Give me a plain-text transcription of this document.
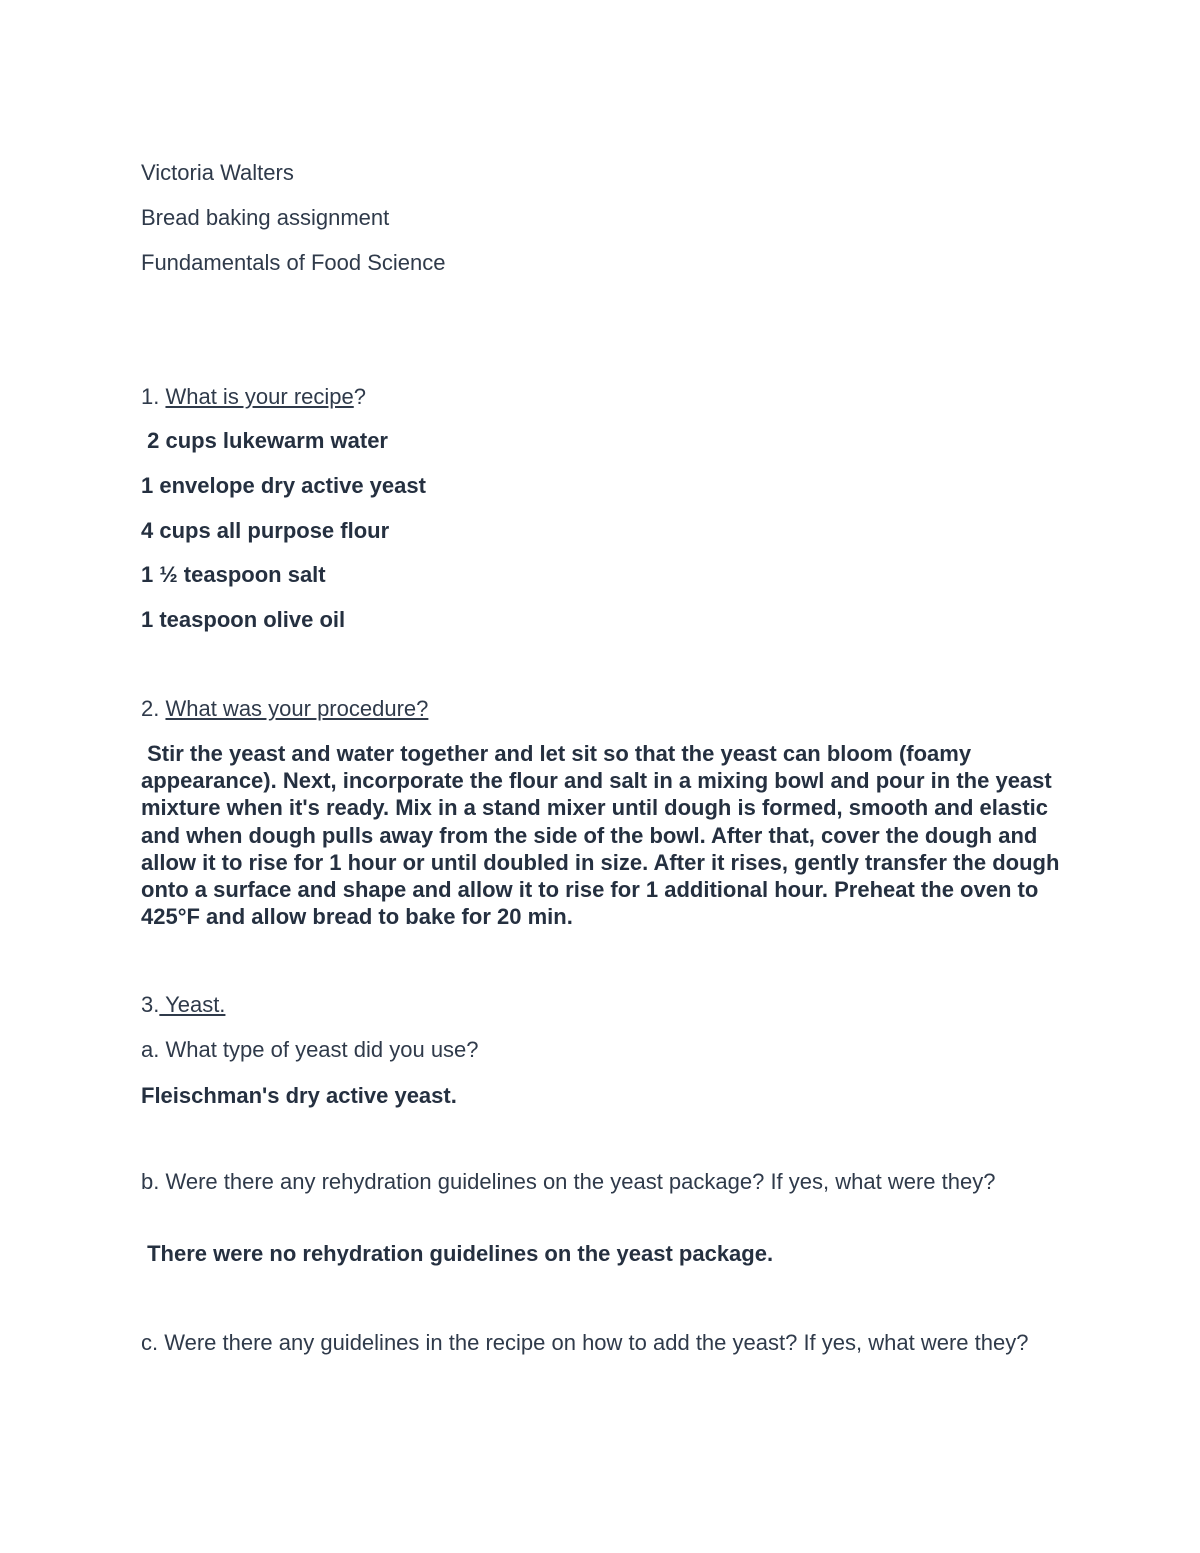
Victoria Walters
Bread baking assignment
Fundamentals of Food Science
1. What is your recipe?
2 cups lukewarm water
1 envelope dry active yeast
4 cups all purpose flour
1 ½ teaspoon salt
1 teaspoon olive oil
2. What was your procedure?
Stir the yeast and water together and let sit so that the yeast can bloom (foamy appearance). Next, incorporate the flour and salt in a mixing bowl and pour in the yeast mixture when it's ready. Mix in a stand mixer until dough is formed, smooth and elastic and when dough pulls away from the side of the bowl. After that, cover the dough and allow it to rise for 1 hour or until doubled in size. After it rises, gently transfer the dough onto a surface and shape and allow it to rise for 1 additional hour. Preheat the oven to 425°F and allow bread to bake for 20 min.
3. Yeast.
a. What type of yeast did you use?
Fleischman's dry active yeast.
b. Were there any rehydration guidelines on the yeast package? If yes, what were they?
There were no rehydration guidelines on the yeast package.
c. Were there any guidelines in the recipe on how to add the yeast? If yes, what were they?
